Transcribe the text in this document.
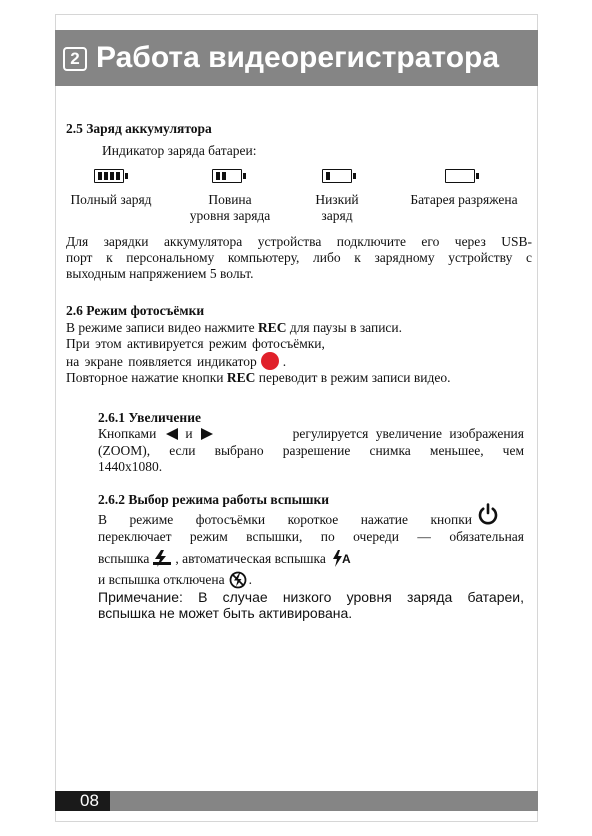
2 Работа видеорегистратора
2.5 Заряд аккумулятора
Индикатор заряда батареи:
Полный заряд	Повина
уровня заряда
Низкий
заряд
Батарея разряжена
Для зарядки аккумулятора устройства подключите его через USB-
порт к персональному компьютеру, либо к зарядному устройству с
выходным напряжением 5 вольт.
2.6 Режим фотосъёмки
В режиме записи видео нажмите REC для паузы в записи.
При этом активируется режим фотосъёмки,
на экране появляется индикатор .
Повторное нажатие кнопки REC переводит в режим записи видео.
2.6.1 Увеличение
Кнопками и	регулируется увеличение изображения
(ZOOM), если выбрано разрешение снимка меньшее, чем
1440х1080.
2.6.2 Выбор режима работы вспышки
В режиме фотосъёмки короткое нажатие кнопки
переключает режим вспышки, по очереди — обязательная
вспышка , автоматическая вспышка A
и вспышка отключена .
Примечание: В случае низкого уровня заряда батареи,
вспышка не может быть активирована.
08
